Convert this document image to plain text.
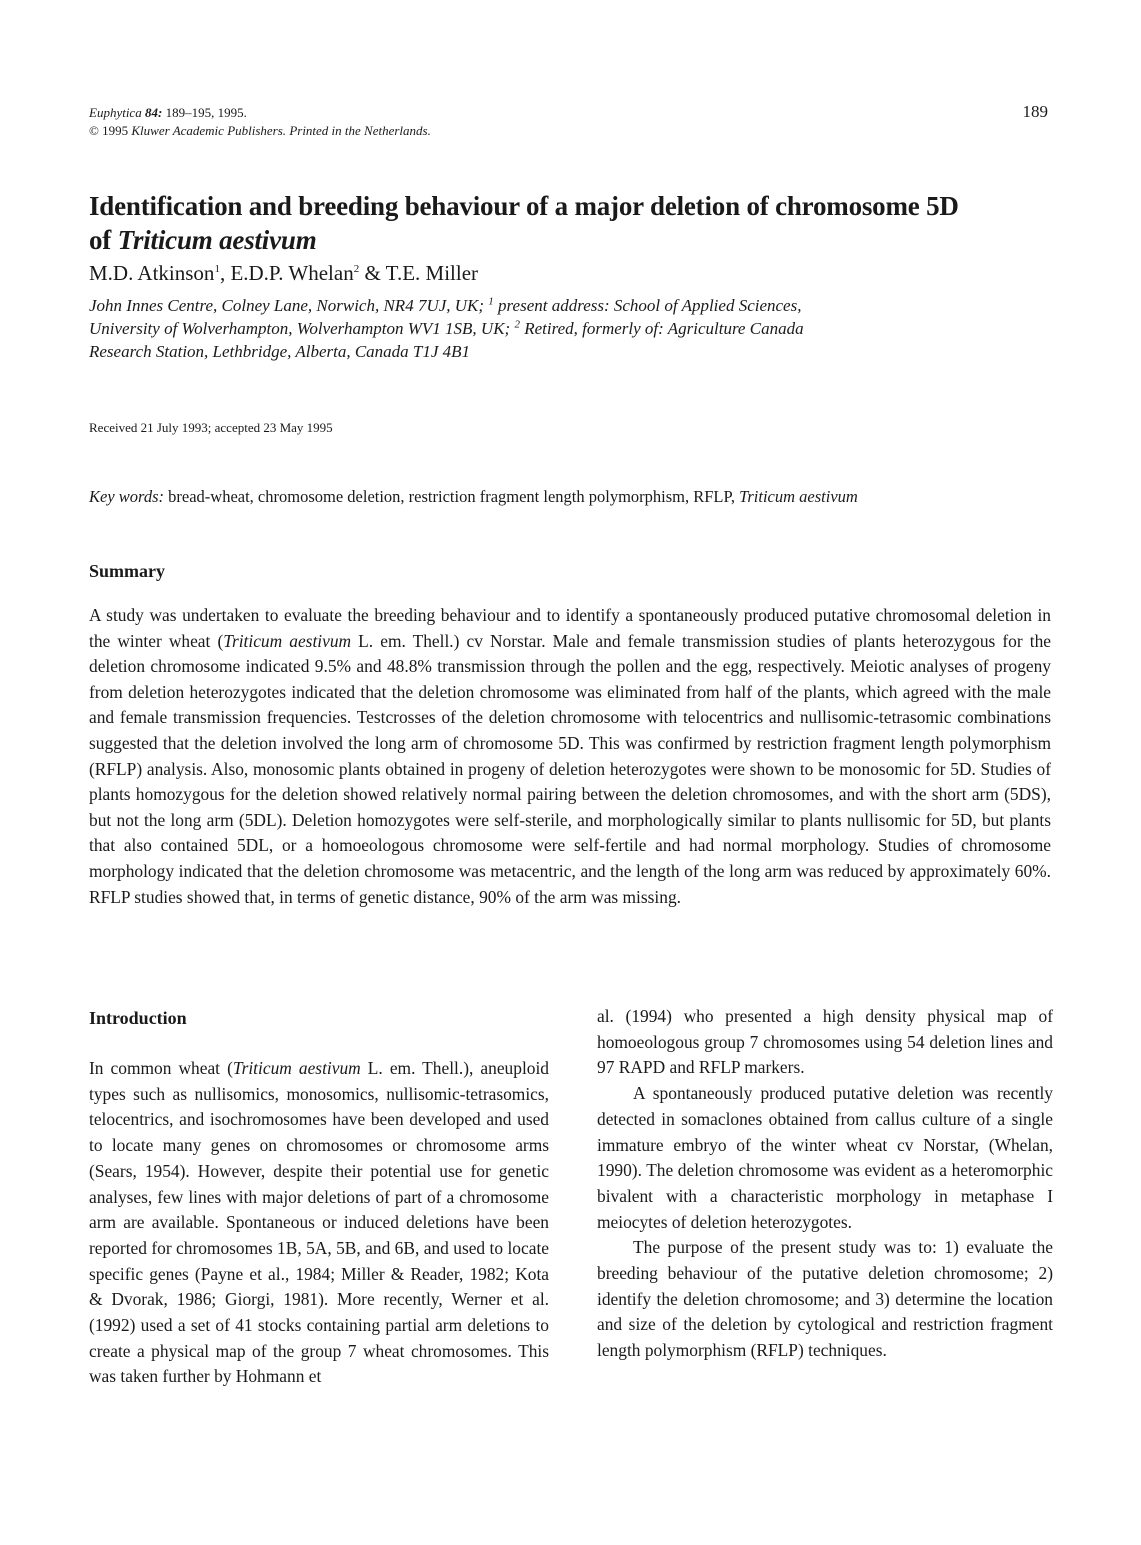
Euphytica 84: 189–195, 1995.
© 1995 Kluwer Academic Publishers. Printed in the Netherlands.
189
Identification and breeding behaviour of a major deletion of chromosome 5D
of Triticum aestivum
M.D. Atkinson$^1$, E.D.P. Whelan$^2$ & T.E. Miller
John Innes Centre, Colney Lane, Norwich, NR4 7UJ, UK; $^1$ present address: School of Applied Sciences,
University of Wolverhampton, Wolverhampton WV1 1SB, UK; $^2$ Retired, formerly of: Agriculture Canada
Research Station, Lethbridge, Alberta, Canada T1J 4B1
Received 21 July 1993; accepted 23 May 1995
Key words: bread-wheat, chromosome deletion, restriction fragment length polymorphism, RFLP, Triticum aestivum
Summary
A study was undertaken to evaluate the breeding behaviour and to identify a spontaneously produced putative chromosomal deletion in the winter wheat (Triticum aestivum L. em. Thell.) cv Norstar. Male and female transmission studies of plants heterozygous for the deletion chromosome indicated 9.5% and 48.8% transmission through the pollen and the egg, respectively. Meiotic analyses of progeny from deletion heterozygotes indicated that the deletion chromosome was eliminated from half of the plants, which agreed with the male and female transmission frequencies. Testcrosses of the deletion chromosome with telocentrics and nullisomic-tetrasomic combinations suggested that the deletion involved the long arm of chromosome 5D. This was confirmed by restriction fragment length polymorphism (RFLP) analysis. Also, monosomic plants obtained in progeny of deletion heterozygotes were shown to be monosomic for 5D. Studies of plants homozygous for the deletion showed relatively normal pairing between the deletion chromosomes, and with the short arm (5DS), but not the long arm (5DL). Deletion homozygotes were self-sterile, and morphologically similar to plants nullisomic for 5D, but plants that also contained 5DL, or a homoeologous chromosome were self-fertile and had normal morphology. Studies of chromosome morphology indicated that the deletion chromosome was metacentric, and the length of the long arm was reduced by approximately 60%. RFLP studies showed that, in terms of genetic distance, 90% of the arm was missing.
Introduction

In common wheat (Triticum aestivum L. em. Thell.), aneuploid types such as nullisomics, monosomics, nullisomic-tetrasomics, telocentrics, and isochromosomes have been developed and used to locate many genes on chromosomes or chromosome arms (Sears, 1954). However, despite their potential use for genetic analyses, few lines with major deletions of part of a chromosome arm are available. Spontaneous or induced deletions have been reported for chromosomes 1B, 5A, 5B, and 6B, and used to locate specific genes (Payne et al., 1984; Miller & Reader, 1982; Kota & Dvorak, 1986; Giorgi, 1981). More recently, Werner et al. (1992) used a set of 41 stocks containing partial arm deletions to create a physical map of the group 7 wheat chromosomes. This was taken further by Hohmann et

al. (1994) who presented a high density physical map of homoeologous group 7 chromosomes using 54 deletion lines and 97 RAPD and RFLP markers.

A spontaneously produced putative deletion was recently detected in somaclones obtained from callus culture of a single immature embryo of the winter wheat cv Norstar, (Whelan, 1990). The deletion chromosome was evident as a heteromorphic bivalent with a characteristic morphology in metaphase I meiocytes of deletion heterozygotes.

The purpose of the present study was to: 1) evaluate the breeding behaviour of the putative deletion chromosome; 2) identify the deletion chromosome; and 3) determine the location and size of the deletion by cytological and restriction fragment length polymorphism (RFLP) techniques.
